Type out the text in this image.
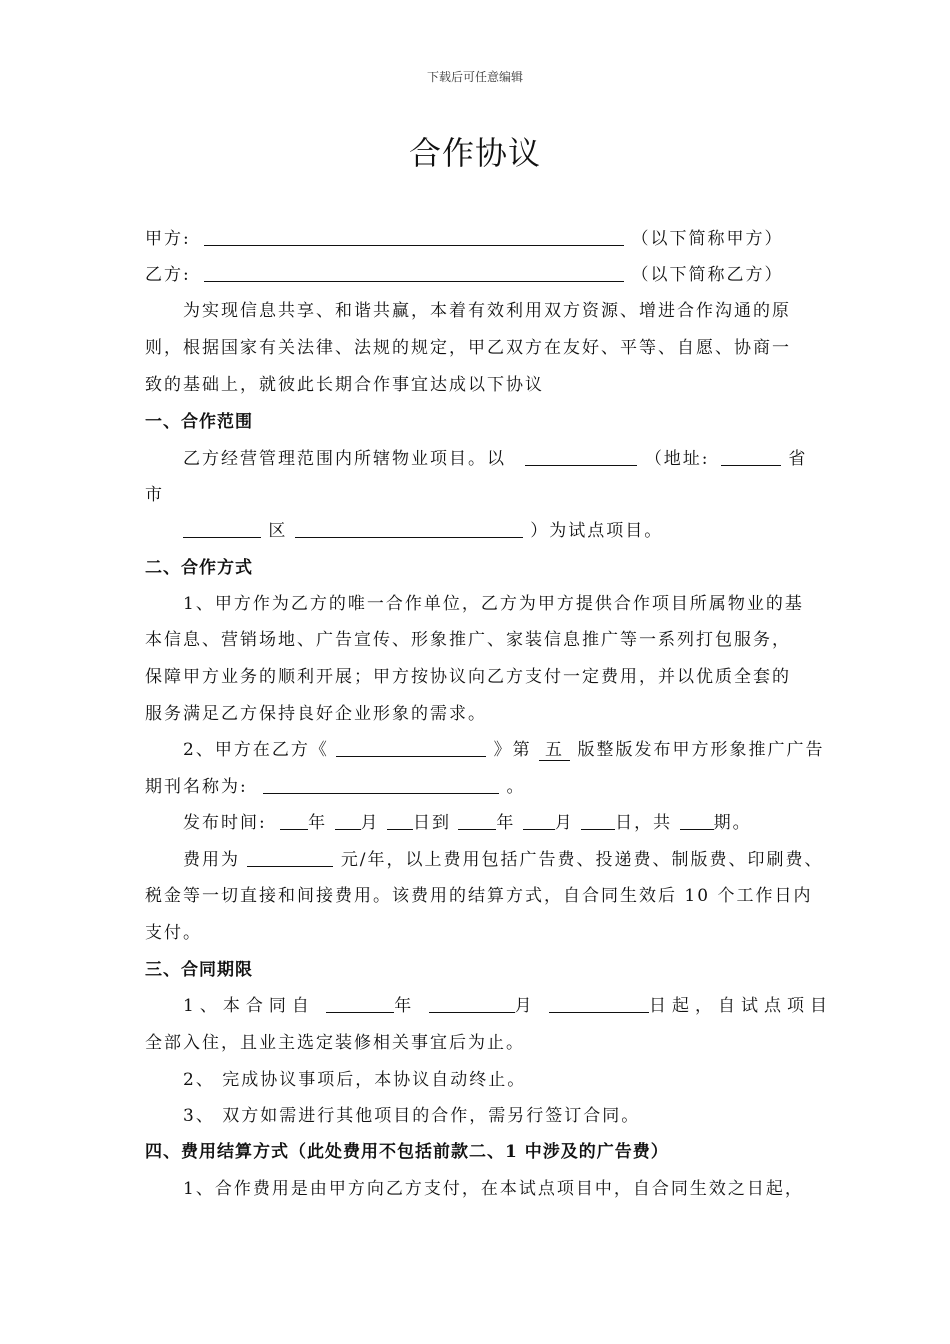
下载后可任意编辑
合作协议
甲方:	（以下简称甲方）
乙方:	（以下简称乙方）
为实现信息共享、和谐共赢，本着有效利用双方资源、增进合作沟通的原
则，根据国家有关法律、法规的规定，甲乙双方在友好、平等、自愿、协商一
致的基础上，就彼此长期合作事宜达成以下协议
一、合作范围
乙方经营管理范围内所辖物业项目。以	（地址:	省
市
区	）为试点项目。
二、合作方式
1、甲方作为乙方的唯一合作单位，乙方为甲方提供合作项目所属物业的基
本信息、营销场地、广告宣传、形象推广、家装信息推广等一系列打包服务，
保障甲方业务的顺利开展；甲方按协议向乙方支付一定费用，并以优质全套的
服务满足乙方保持良好企业形象的需求。
2、甲方在乙方《	》第 五 版整版发布甲方形象推广广告
期刊名称为:	。
发布时间: 年 月 日到	年 月 日，共 期。
费用为	元/年，以上费用包括广告费、投递费、制版费、印刷费、
税金等一切直接和间接费用。该费用的结算方式，自合同生效后 10 个工作日内
支付。
三、合同期限
1、本合同自	年	月	日起，自试点项目
全部入住，且业主选定装修相关事宜后为止。
2、 完成协议事项后，本协议自动终止。
3、 双方如需进行其他项目的合作，需另行签订合同。
四、费用结算方式（此处费用不包括前款二、1 中涉及的广告费）
1、合作费用是由甲方向乙方支付，在本试点项目中，自合同生效之日起，
